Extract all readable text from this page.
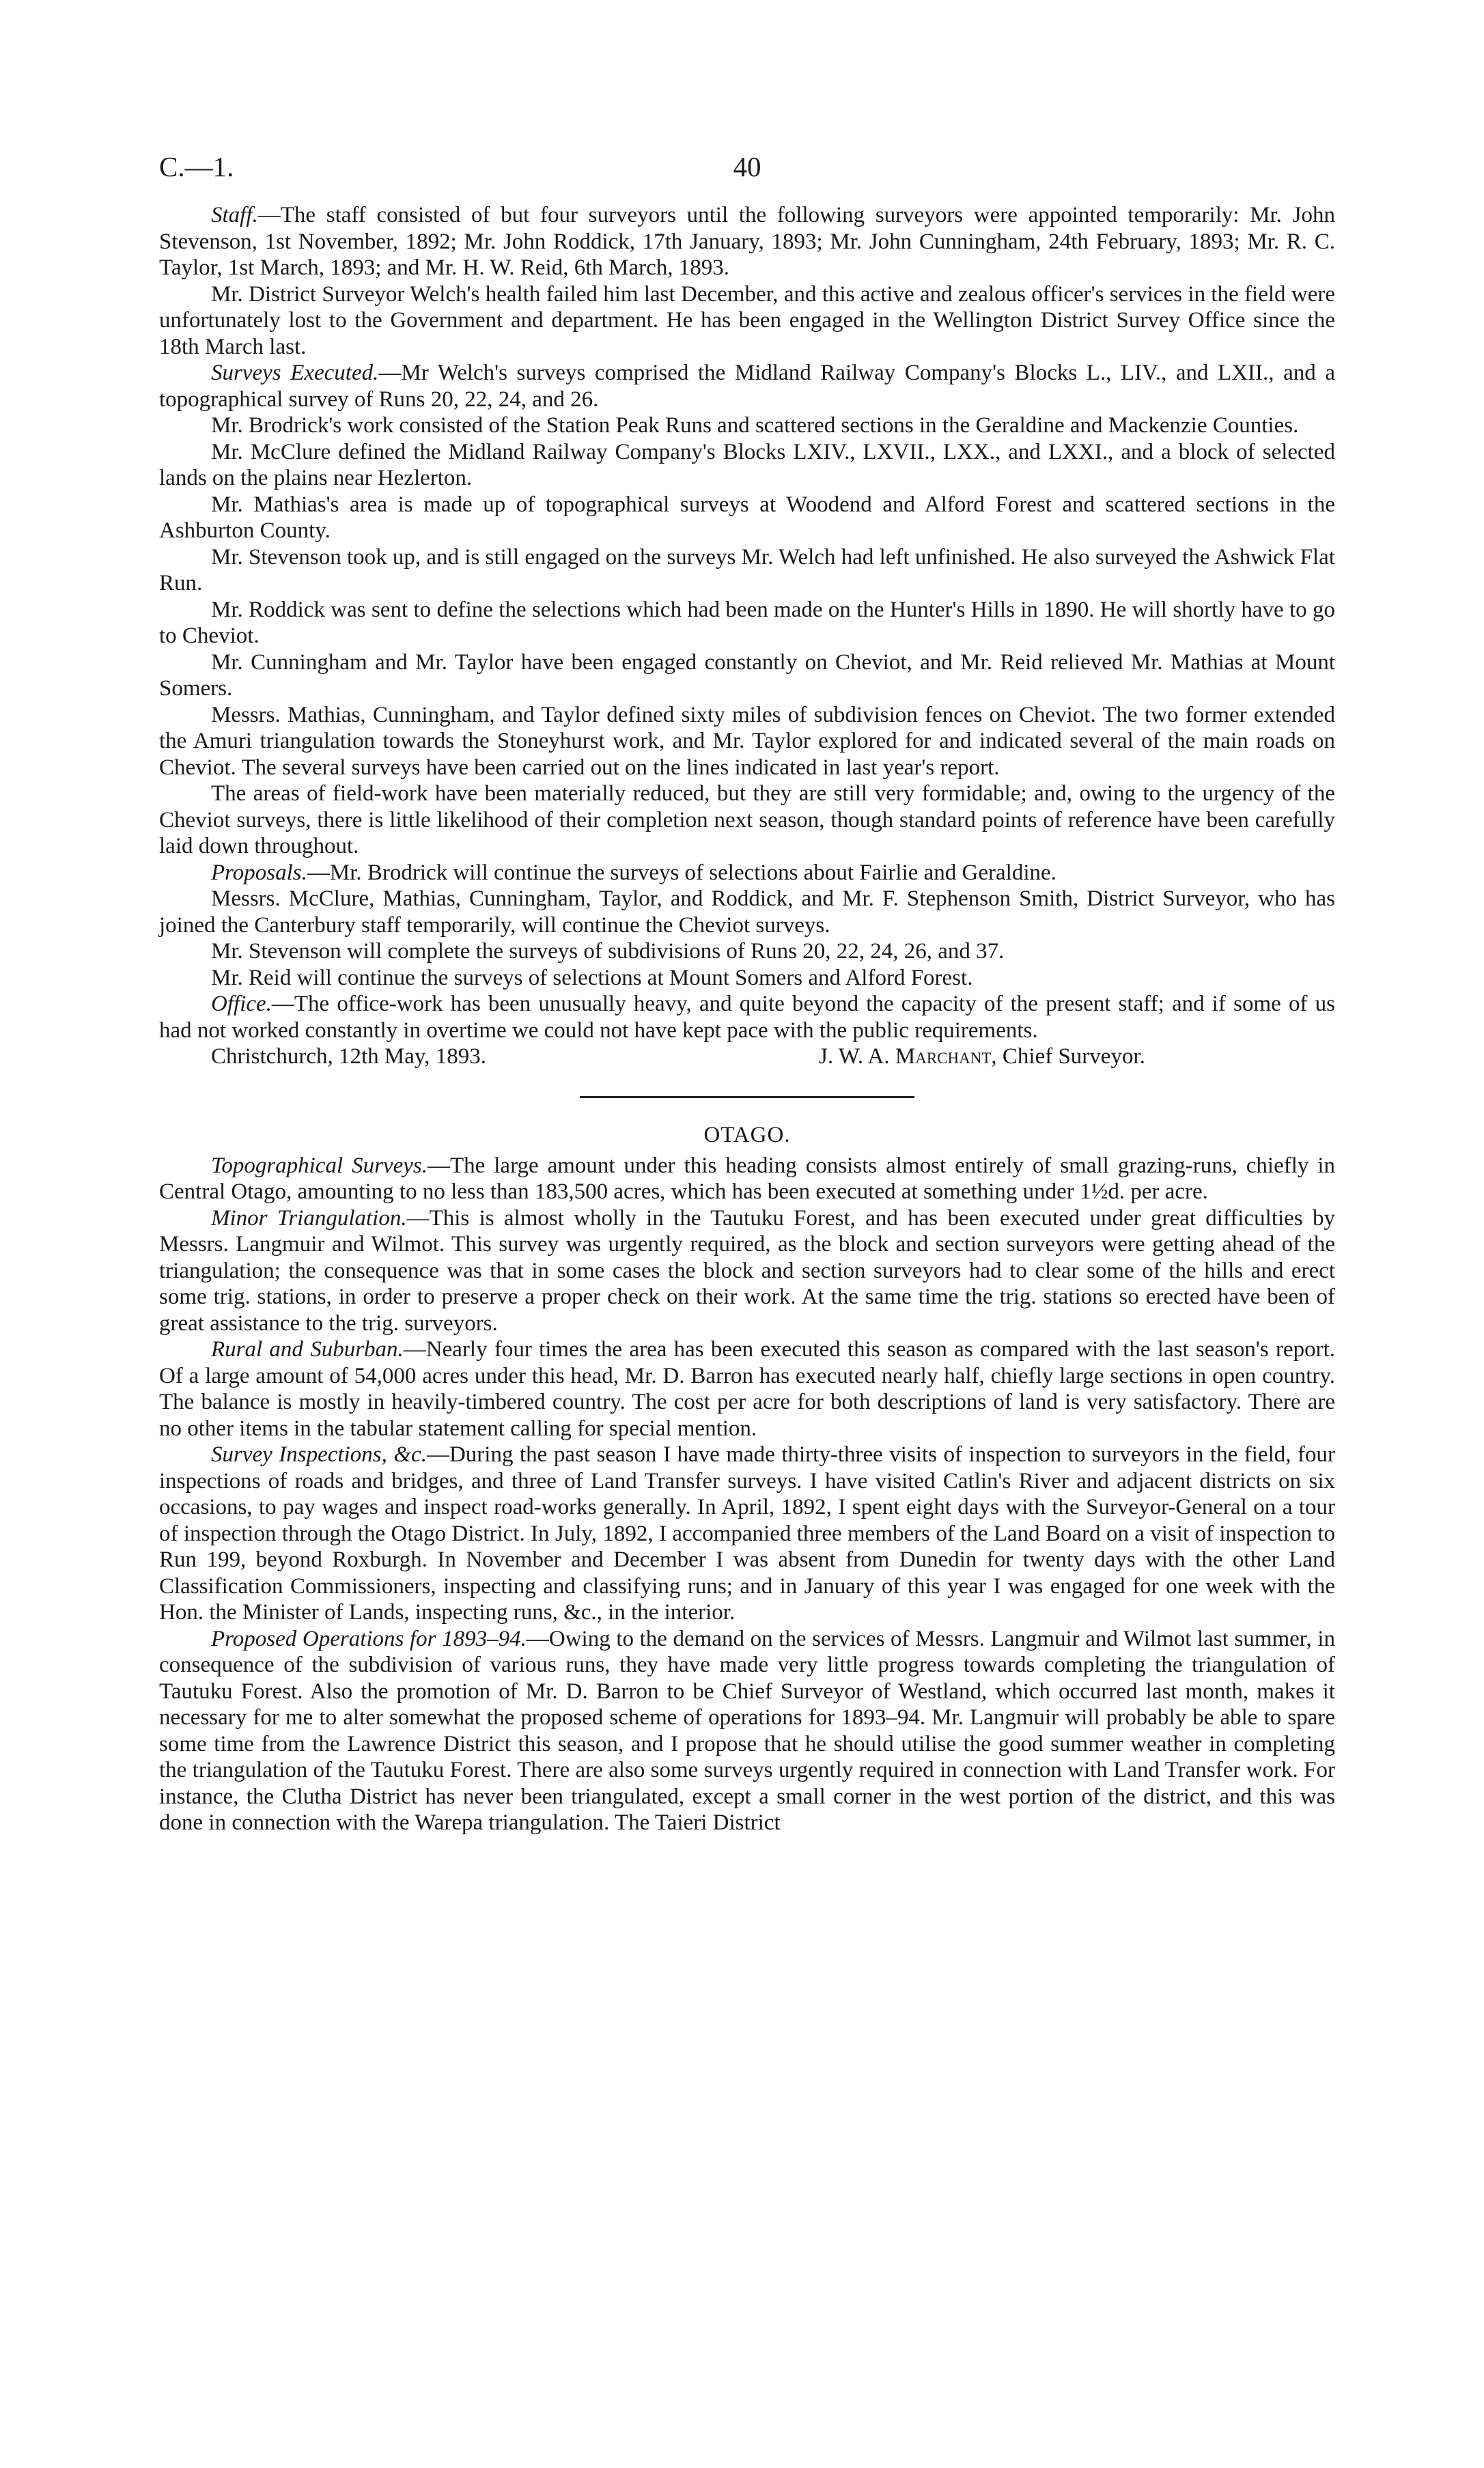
C.—1.	40

Staff.—The staff consisted of but four surveyors until the following surveyors were appointed temporarily: Mr. John Stevenson, 1st November, 1892; Mr. John Roddick, 17th January, 1893; Mr. John Cunningham, 24th February, 1893; Mr. R. C. Taylor, 1st March, 1893; and Mr. H. W. Reid, 6th March, 1893.

Mr. District Surveyor Welch's health failed him last December, and this active and zealous officer's services in the field were unfortunately lost to the Government and department. He has been engaged in the Wellington District Survey Office since the 18th March last.

Surveys Executed.—Mr Welch's surveys comprised the Midland Railway Company's Blocks L., LIV., and LXII., and a topographical survey of Runs 20, 22, 24, and 26.

Mr. Brodrick's work consisted of the Station Peak Runs and scattered sections in the Geraldine and Mackenzie Counties.

Mr. McClure defined the Midland Railway Company's Blocks LXIV., LXVII., LXX., and LXXI., and a block of selected lands on the plains near Hezlerton.

Mr. Mathias's area is made up of topographical surveys at Woodend and Alford Forest and scattered sections in the Ashburton County.

Mr. Stevenson took up, and is still engaged on the surveys Mr. Welch had left unfinished. He also surveyed the Ashwick Flat Run.

Mr. Roddick was sent to define the selections which had been made on the Hunter's Hills in 1890. He will shortly have to go to Cheviot.

Mr. Cunningham and Mr. Taylor have been engaged constantly on Cheviot, and Mr. Reid relieved Mr. Mathias at Mount Somers.

Messrs. Mathias, Cunningham, and Taylor defined sixty miles of subdivision fences on Cheviot. The two former extended the Amuri triangulation towards the Stoneyhurst work, and Mr. Taylor explored for and indicated several of the main roads on Cheviot. The several surveys have been carried out on the lines indicated in last year's report.

The areas of field-work have been materially reduced, but they are still very formidable; and, owing to the urgency of the Cheviot surveys, there is little likelihood of their completion next season, though standard points of reference have been carefully laid down throughout.

Proposals.—Mr. Brodrick will continue the surveys of selections about Fairlie and Geraldine.

Messrs. McClure, Mathias, Cunningham, Taylor, and Roddick, and Mr. F. Stephenson Smith, District Surveyor, who has joined the Canterbury staff temporarily, will continue the Cheviot surveys.

Mr. Stevenson will complete the surveys of subdivisions of Runs 20, 22, 24, 26, and 37.

Mr. Reid will continue the surveys of selections at Mount Somers and Alford Forest.

Office.—The office-work has been unusually heavy, and quite beyond the capacity of the present staff; and if some of us had not worked constantly in overtime we could not have kept pace with the public requirements.

Christchurch, 12th May, 1893.	J. W. A. Marchant, Chief Surveyor.
OTAGO.

Topographical Surveys.—The large amount under this heading consists almost entirely of small grazing-runs, chiefly in Central Otago, amounting to no less than 183,500 acres, which has been executed at something under 1½d. per acre.

Minor Triangulation.—This is almost wholly in the Tautuku Forest, and has been executed under great difficulties by Messrs. Langmuir and Wilmot. This survey was urgently required, as the block and section surveyors were getting ahead of the triangulation; the consequence was that in some cases the block and section surveyors had to clear some of the hills and erect some trig. stations, in order to preserve a proper check on their work. At the same time the trig. stations so erected have been of great assistance to the trig. surveyors.

Rural and Suburban.—Nearly four times the area has been executed this season as compared with the last season's report. Of a large amount of 54,000 acres under this head, Mr. D. Barron has executed nearly half, chiefly large sections in open country. The balance is mostly in heavily-timbered country. The cost per acre for both descriptions of land is very satisfactory. There are no other items in the tabular statement calling for special mention.

Survey Inspections, &c.—During the past season I have made thirty-three visits of inspection to surveyors in the field, four inspections of roads and bridges, and three of Land Transfer surveys. I have visited Catlin's River and adjacent districts on six occasions, to pay wages and inspect road-works generally. In April, 1892, I spent eight days with the Surveyor-General on a tour of inspection through the Otago District. In July, 1892, I accompanied three members of the Land Board on a visit of inspection to Run 199, beyond Roxburgh. In November and December I was absent from Dunedin for twenty days with the other Land Classification Commissioners, inspecting and classifying runs; and in January of this year I was engaged for one week with the Hon. the Minister of Lands, inspecting runs, &c., in the interior.

Proposed Operations for 1893–94.—Owing to the demand on the services of Messrs. Langmuir and Wilmot last summer, in consequence of the subdivision of various runs, they have made very little progress towards completing the triangulation of Tautuku Forest. Also the promotion of Mr. D. Barron to be Chief Surveyor of Westland, which occurred last month, makes it necessary for me to alter somewhat the proposed scheme of operations for 1893–94. Mr. Langmuir will probably be able to spare some time from the Lawrence District this season, and I propose that he should utilise the good summer weather in completing the triangulation of the Tautuku Forest. There are also some surveys urgently required in connection with Land Transfer work. For instance, the Clutha District has never been triangulated, except a small corner in the west portion of the district, and this was done in connection with the Warepa triangulation. The Taieri District
